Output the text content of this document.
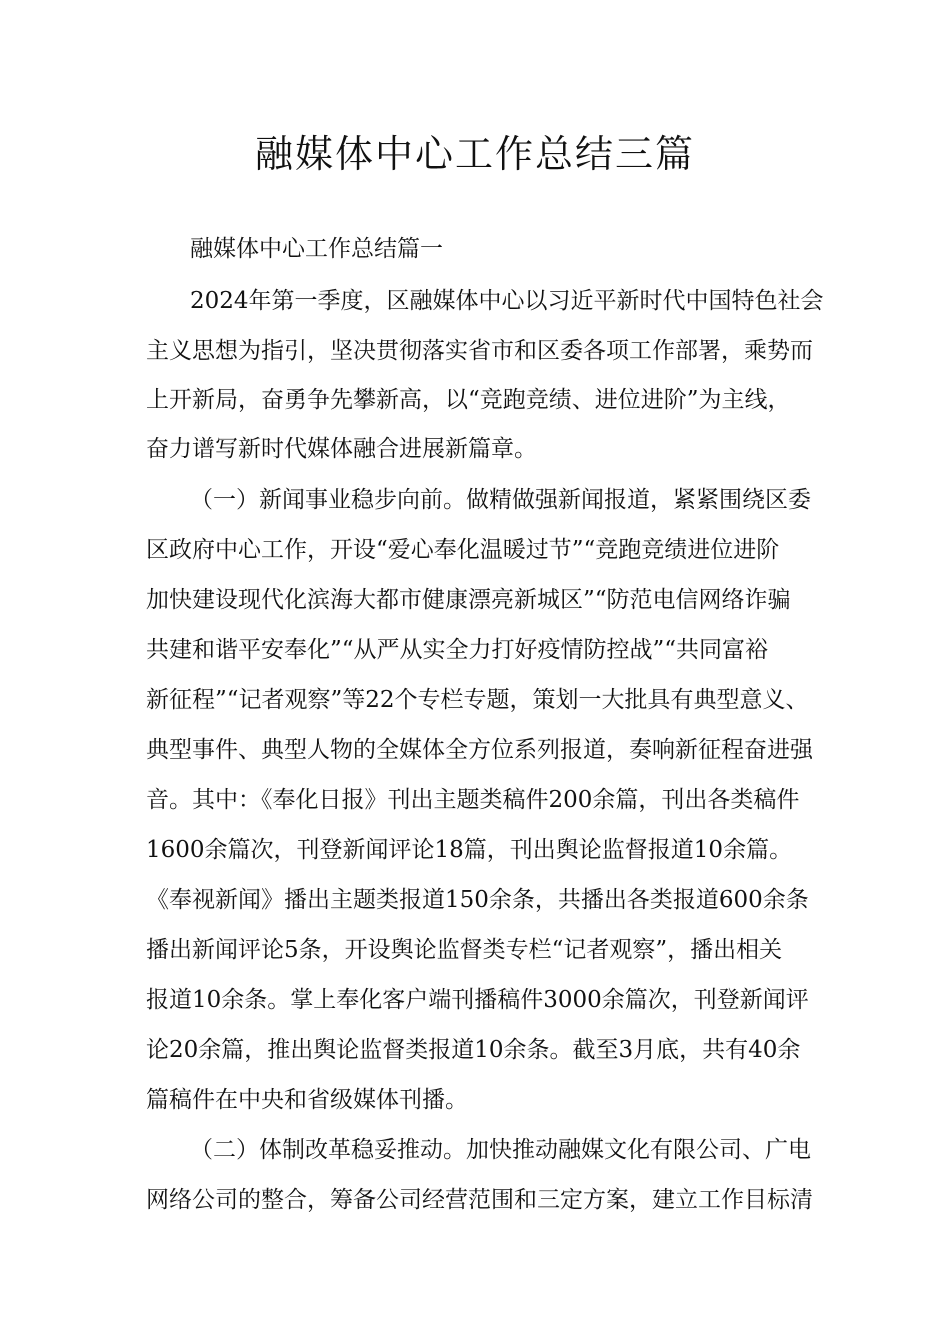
融媒体中心工作总结三篇
融媒体中心工作总结篇一
2024年第一季度，区融媒体中心以习近平新时代中国特色社会
主义思想为指引，坚决贯彻落实省市和区委各项工作部署，乘势而
上开新局，奋勇争先攀新高，以“竞跑竞绩、进位进阶”为主线，
奋力谱写新时代媒体融合进展新篇章。
（一）新闻事业稳步向前。做精做强新闻报道，紧紧围绕区委
区政府中心工作，开设“爱心奉化温暖过节”“竞跑竞绩进位进阶
加快建设现代化滨海大都市健康漂亮新城区”“防范电信网络诈骗
共建和谐平安奉化”“从严从实全力打好疫情防控战”“共同富裕
新征程”“记者观察”等22个专栏专题，策划一大批具有典型意义、
典型事件、典型人物的全媒体全方位系列报道，奏响新征程奋进强
音。其中：《奉化日报》刊出主题类稿件200余篇，刊出各类稿件
1600余篇次，刊登新闻评论18篇，刊出舆论监督报道10余篇。
《奉视新闻》播出主题类报道150余条，共播出各类报道600余条
播出新闻评论5条，开设舆论监督类专栏“记者观察”，播出相关
报道10余条。掌上奉化客户端刊播稿件3000余篇次，刊登新闻评
论20余篇，推出舆论监督类报道10余条。截至3月底，共有40余
篇稿件在中央和省级媒体刊播。
（二）体制改革稳妥推动。加快推动融媒文化有限公司、广电
网络公司的整合，筹备公司经营范围和三定方案，建立工作目标清
